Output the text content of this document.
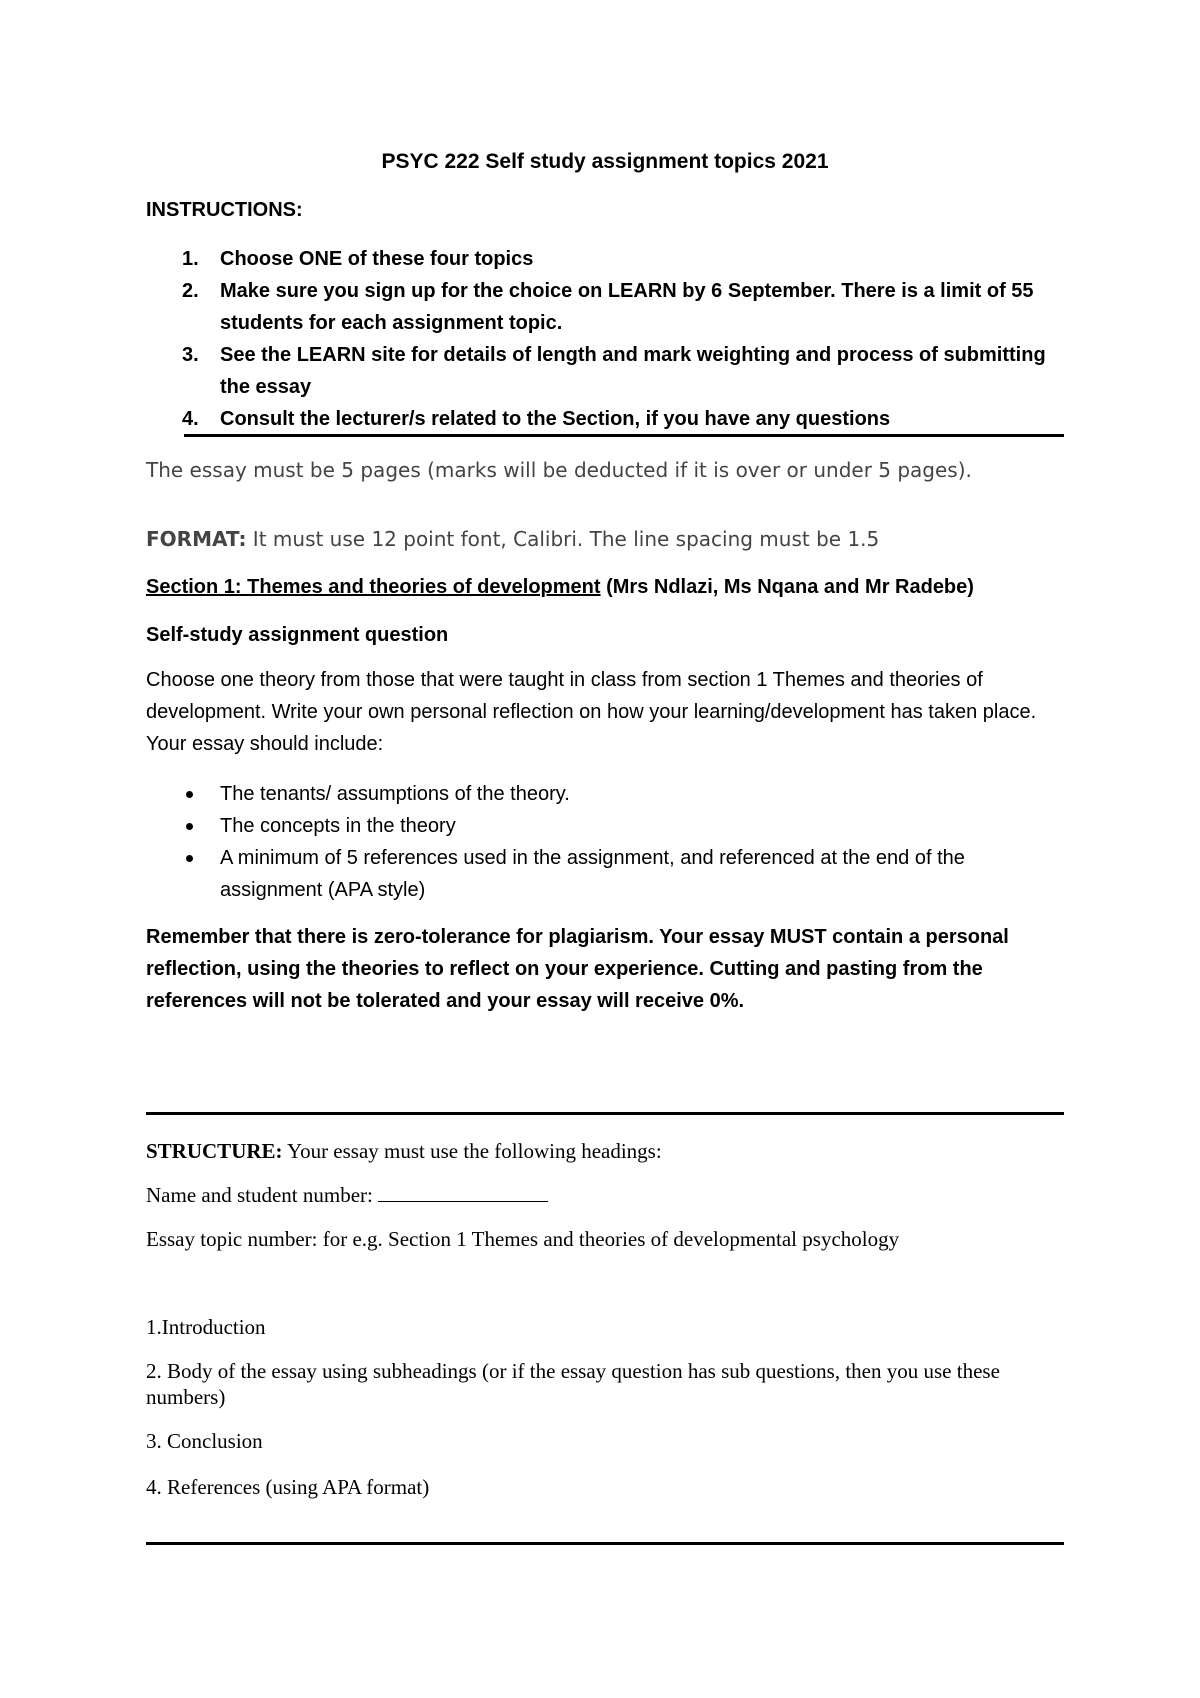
PSYC 222 Self study assignment topics 2021
INSTRUCTIONS:
1. Choose ONE of these four topics
2. Make sure you sign up for the choice on LEARN by 6 September. There is a limit of 55 students for each assignment topic.
3. See the LEARN site for details of length and mark weighting and process of submitting the essay
4. Consult the lecturer/s related to the Section, if you have any questions
The essay must be 5 pages (marks will be deducted if it is over or under 5 pages).
FORMAT: It must use 12 point font, Calibri. The line spacing must be 1.5
Section 1: Themes and theories of development (Mrs Ndlazi, Ms Nqana and Mr Radebe)
Self-study assignment question
Choose one theory from those that were taught in class from section 1 Themes and theories of development. Write your own personal reflection on how your learning/development has taken place. Your essay should include:
The tenants/ assumptions of the theory.
The concepts in the theory
A minimum of 5 references used in the assignment, and referenced at the end of the assignment (APA style)
Remember that there is zero-tolerance for plagiarism. Your essay MUST contain a personal reflection, using the theories to reflect on your experience. Cutting and pasting from the references will not be tolerated and your essay will receive 0%.
STRUCTURE: Your essay must use the following headings:
Name and student number:
Essay topic number: for e.g. Section 1 Themes and theories of developmental psychology
1.Introduction
2. Body of the essay using subheadings (or if the essay question has sub questions, then you use these numbers)
3. Conclusion
4. References (using APA format)
